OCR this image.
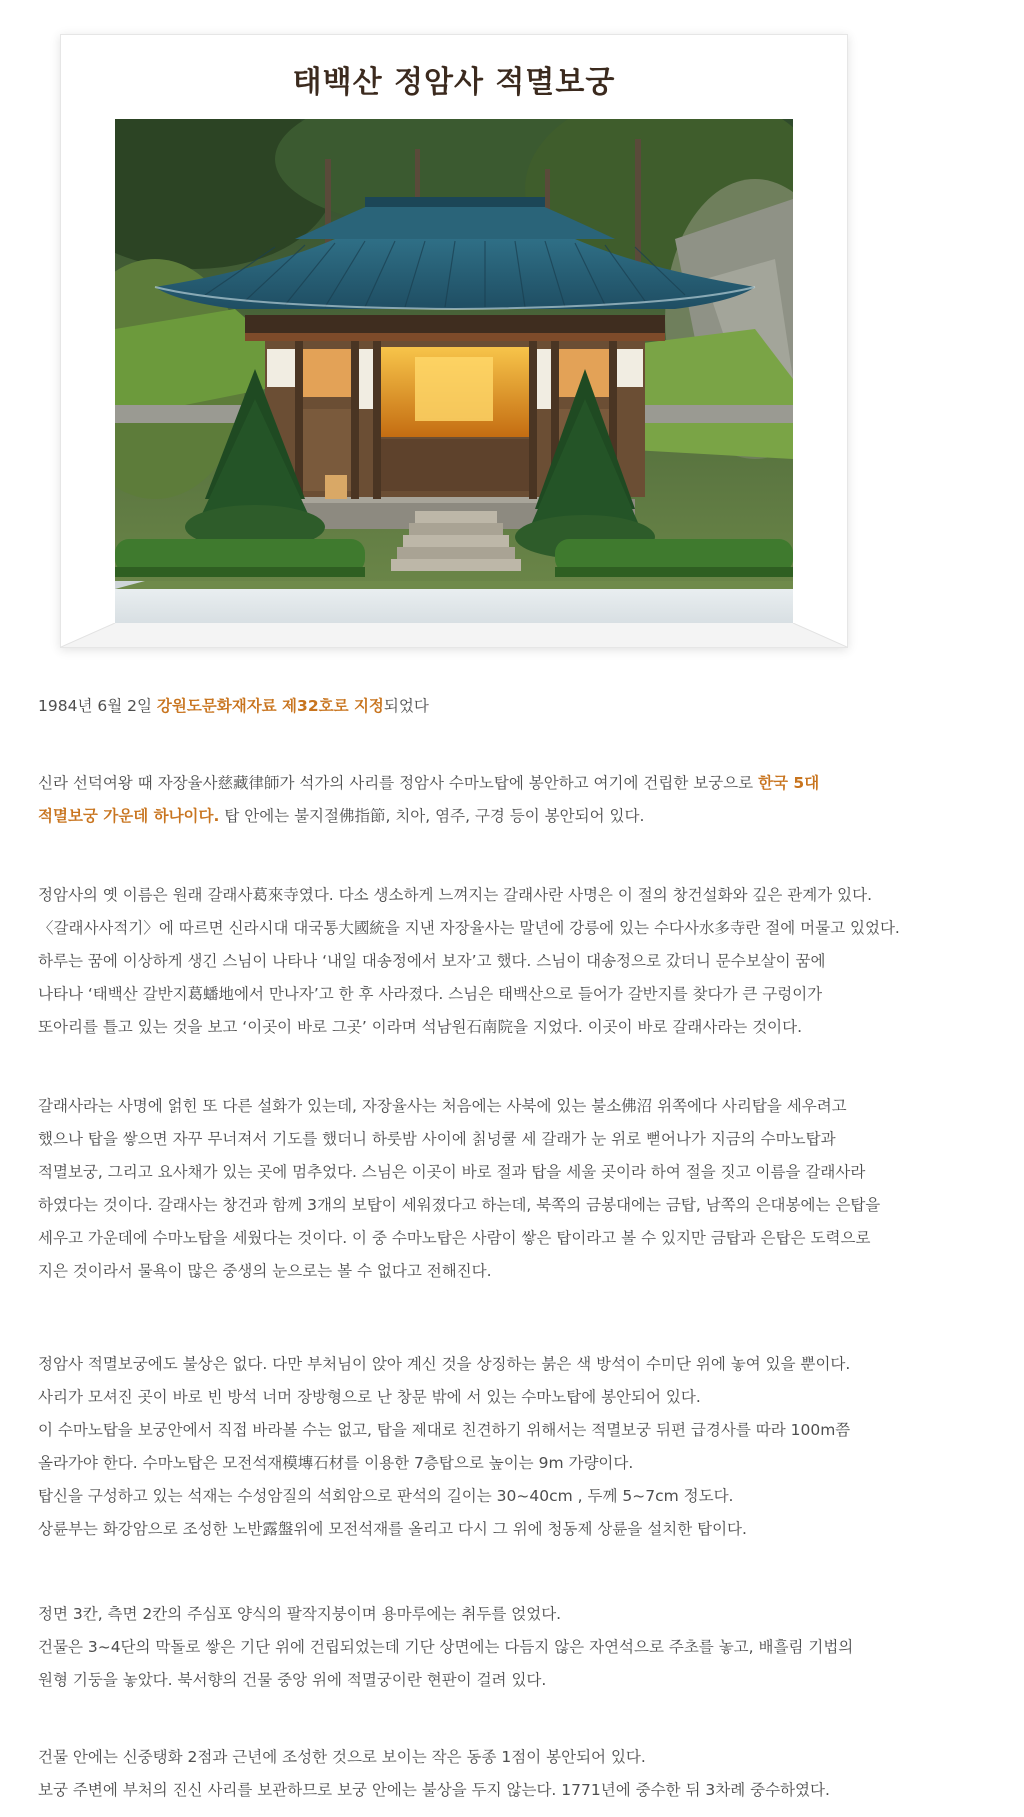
태백산 정암사 적멸보궁

1984년 6월 2일 강원도문화재자료 제32호로 지정되었다

신라 선덕여왕 때 자장율사慈藏律師가 석가의 사리를 정암사 수마노탑에 봉안하고 여기에 건립한 보궁으로 한국 5대
적멸보궁 가운데 하나이다. 탑 안에는 불지절佛指節, 치아, 염주, 구경 등이 봉안되어 있다.

정암사의 옛 이름은 원래 갈래사葛來寺였다. 다소 생소하게 느껴지는 갈래사란 사명은 이 절의 창건설화와 깊은 관계가 있다.
〈갈래사사적기〉에 따르면 신라시대 대국통大國統을 지낸 자장율사는 말년에 강릉에 있는 수다사水多寺란 절에 머물고 있었다.
하루는 꿈에 이상하게 생긴 스님이 나타나 ‘내일 대송정에서 보자’고 했다. 스님이 대송정으로 갔더니 문수보살이 꿈에
나타나 ‘태백산 갈반지葛蟠地에서 만나자’고 한 후 사라졌다. 스님은 태백산으로 들어가 갈반지를 찾다가 큰 구렁이가
또아리를 틀고 있는 것을 보고 ‘이곳이 바로 그곳’ 이라며 석남원石南院을 지었다. 이곳이 바로 갈래사라는 것이다.

갈래사라는 사명에 얽힌 또 다른 설화가 있는데, 자장율사는 처음에는 사북에 있는 불소佛沼 위쪽에다 사리탑을 세우려고
했으나 탑을 쌓으면 자꾸 무너져서 기도를 했더니 하룻밤 사이에 칡넝쿨 세 갈래가 눈 위로 뻗어나가 지금의 수마노탑과
적멸보궁, 그리고 요사채가 있는 곳에 멈추었다. 스님은 이곳이 바로 절과 탑을 세울 곳이라 하여 절을 짓고 이름을 갈래사라
하였다는 것이다. 갈래사는 창건과 함께 3개의 보탑이 세워졌다고 하는데, 북쪽의 금봉대에는 금탑, 남쪽의 은대봉에는 은탑을
세우고 가운데에 수마노탑을 세웠다는 것이다. 이 중 수마노탑은 사람이 쌓은 탑이라고 볼 수 있지만 금탑과 은탑은 도력으로
지은 것이라서 물욕이 많은 중생의 눈으로는 볼 수 없다고 전해진다.

정암사 적멸보궁에도 불상은 없다. 다만 부처님이 앉아 계신 것을 상징하는 붉은 색 방석이 수미단 위에 놓여 있을 뿐이다.
사리가 모셔진 곳이 바로 빈 방석 너머 장방형으로 난 창문 밖에 서 있는 수마노탑에 봉안되어 있다.
이 수마노탑을 보궁안에서 직접 바라볼 수는 없고, 탑을 제대로 친견하기 위해서는 적멸보궁 뒤편 급경사를 따라 100m쯤
올라가야 한다. 수마노탑은 모전석재模塼石材를 이용한 7층탑으로 높이는 9m 가량이다.
탑신을 구성하고 있는 석재는 수성암질의 석회암으로 판석의 길이는 30~40cm , 두께 5~7cm 정도다.
상륜부는 화강암으로 조성한 노반露盤위에 모전석재를 올리고 다시 그 위에 청동제 상륜을 설치한 탑이다.

정면 3칸, 측면 2칸의 주심포 양식의 팔작지붕이며 용마루에는 취두를 얹었다.
건물은 3~4단의 막돌로 쌓은 기단 위에 건립되었는데 기단 상면에는 다듬지 않은 자연석으로 주초를 놓고, 배흘림 기법의
원형 기둥을 놓았다. 북서향의 건물 중앙 위에 적멸궁이란 현판이 걸려 있다.

건물 안에는 신중탱화 2점과 근년에 조성한 것으로 보이는 작은 동종 1점이 봉안되어 있다.
보궁 주변에 부처의 진신 사리를 보관하므로 보궁 안에는 불상을 두지 않는다. 1771년에 중수한 뒤 3차례 중수하였다.
